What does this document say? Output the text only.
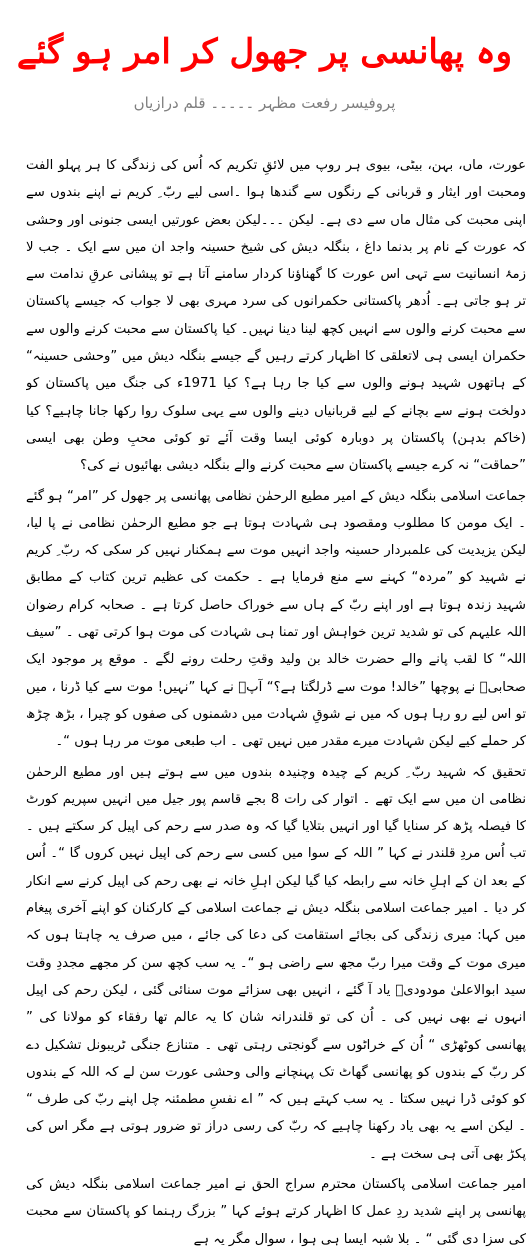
وہ پھانسی پر جھول کر امر ہو گئے
پروفیسر رفعت مظہر ۔۔۔۔۔ قلم درازیاں

عورت، ماں، بہن، بیٹی، بیوی ہر روپ میں لائقِ تکریم کہ اُس کی زندگی کا ہر پہلو الفت ومحبت اور ایثار و قربانی کے رنگوں سے گندھا ہوا ۔اسی لیے ربّ ِ کریم نے اپنے بندوں سے اپنی محبت کی مثال ماں سے دی ہے۔ لیکن ۔۔۔لیکن بعض عورتیں ایسی جنونی اور وحشی کہ عورت کے نام پر بدنما داغ ، بنگلہ دیش کی شیخ حسینہ واجد ان میں سے ایک ۔ جب لا زمۂ انسانیت سے تہی اس عورت کا گھناؤنا کردار سامنے آتا ہے تو پیشانی عرقِ ندامت سے تر ہو جاتی ہے۔ اُدھر پاکستانی حکمرانوں کی سرد مہری بھی لا جواب کہ جیسے پاکستان سے محبت کرنے والوں سے انہیں کچھ لینا دینا نہیں۔ کیا پاکستان سے محبت کرنے والوں سے حکمران ایسی ہی لاتعلقی کا اظہار کرتے رہیں گے جیسے بنگلہ دیش میں ”وحشی حسینہ“ کے ہاتھوں شہید ہونے والوں سے کیا جا رہا ہے؟ کیا 1971ء کی جنگ میں پاکستان کو دولخت ہونے سے بچانے کے لیے قربانیاں دینے والوں سے یہی سلوک روا رکھا جانا چاہیے؟ کیا (خاکم بدہن) پاکستان پر دوبارہ کوئی ایسا وقت آئے تو کوئی محبِ وطن بھی ایسی ”حماقت“ نہ کرے جیسے پاکستان سے محبت کرنے والے بنگلہ دیشی بھائیوں نے کی؟

جماعت اسلامی بنگلہ دیش کے امیر مطیع الرحمٰن نظامی پھانسی پر جھول کر ”امر“ ہو گئے ۔ ایک مومن کا مطلوب ومقصود ہی شہادت ہوتا ہے جو مطیع الرحمٰن نظامی نے پا لیا، لیکن یزیدیت کی علمبردار حسینہ واجد انہیں موت سے ہمکنار نہیں کر سکی کہ ربّ ِ کریم نے شہید کو ”مردہ“ کہنے سے منع فرمایا ہے ۔ حکمت کی عظیم ترین کتاب کے مطابق شہید زندہ ہوتا ہے اور اپنے ربّ کے ہاں سے خوراک حاصل کرتا ہے ۔ صحابہ کرام رضوان اللہ علیہم کی تو شدید ترین خواہش اور تمنا ہی شہادت کی موت ہوا کرتی تھی ۔ ”سیف اللہ“ کا لقب پانے والے حضرت خالد بن ولید وقتِ رحلت رونے لگے ۔ موقع پر موجود ایک صحابیؓ نے پوچھا ”خالد! موت سے ڈرلگتا ہے؟“ آپؓ نے کہا ”نہیں! موت سے کیا ڈرنا ، میں تو اس لیے رو رہا ہوں کہ میں نے شوقِ شہادت میں دشمنوں کی صفوں کو چیرا ، بڑھ چڑھ کر حملے کیے لیکن شہادت میرے مقدر میں نہیں تھی ۔ اب طبعی موت مر رہا ہوں “۔

تحقیق کہ شہید ربّ ِ کریم کے چیدہ وچنیدہ بندوں میں سے ہوتے ہیں اور مطیع الرحمٰن نظامی ان میں سے ایک تھے ۔ اتوار کی رات 8 بجے قاسم پور جیل میں انہیں سپریم کورٹ کا فیصلہ پڑھ کر سنایا گیا اور انہیں بتلایا گیا کہ وہ صدر سے رحم کی اپیل کر سکتے ہیں ۔ تب اُس مردِ قلندر نے کہا ” اللہ کے سوا میں کسی سے رحم کی اپیل نہیں کروں گا “۔ اُس کے بعد ان کے اہلِ خانہ سے رابطہ کیا گیا لیکن اہلِ خانہ نے بھی رحم کی اپیل کرنے سے انکار کر دیا ۔ امیر جماعت اسلامی بنگلہ دیش نے جماعت اسلامی کے کارکنان کو اپنے آخری پیغام میں کہا: میری زندگی کی بجائے استقامت کی دعا کی جائے ، میں صرف یہ چاہتا ہوں کہ میری موت کے وقت میرا ربّ مجھ سے راضی ہو “۔ یہ سب کچھ سن کر مجھے مجددِ وقت سید ابوالاعلیٰ مودودیؒ یاد آ گئے ، انہیں بھی سزائے موت سنائی گئی ، لیکن رحم کی اپیل انہوں نے بھی نہیں کی ۔ اُن کی تو قلندرانہ شان کا یہ عالم تھا رفقاء کو مولانا کی ” پھانسی کوٹھڑی “ اُن کے خراٹوں سے گونجتی رہتی تھی ۔ متنازع جنگی ٹریبونل تشکیل دے کر ربّ کے بندوں کو پھانسی گھاٹ تک پہنچانے والی وحشی عورت سن لے کہ اللہ کے بندوں کو کوئی ڈرا نہیں سکتا ۔ یہ سب کہتے ہیں کہ ” اے نفسِ مطمئنہ چل اپنے ربّ کی طرف “ ۔ لیکن اسے یہ بھی یاد رکھنا چاہیے کہ ربّ کی رسی دراز تو ضرور ہوتی ہے مگر اس کی پکڑ بھی آتی ہی سخت ہے ۔

امیر جماعت اسلامی پاکستان محترم سراج الحق نے امیر جماعت اسلامی بنگلہ دیش کی پھانسی پر اپنے شدید ردِ عمل کا اظہار کرتے ہوئے کہا ” بزرگ رہنما کو پاکستان سے محبت کی سزا دی گئی “ ۔ بلا شبہ ایسا ہی ہوا ، سوال مگر یہ ہے
